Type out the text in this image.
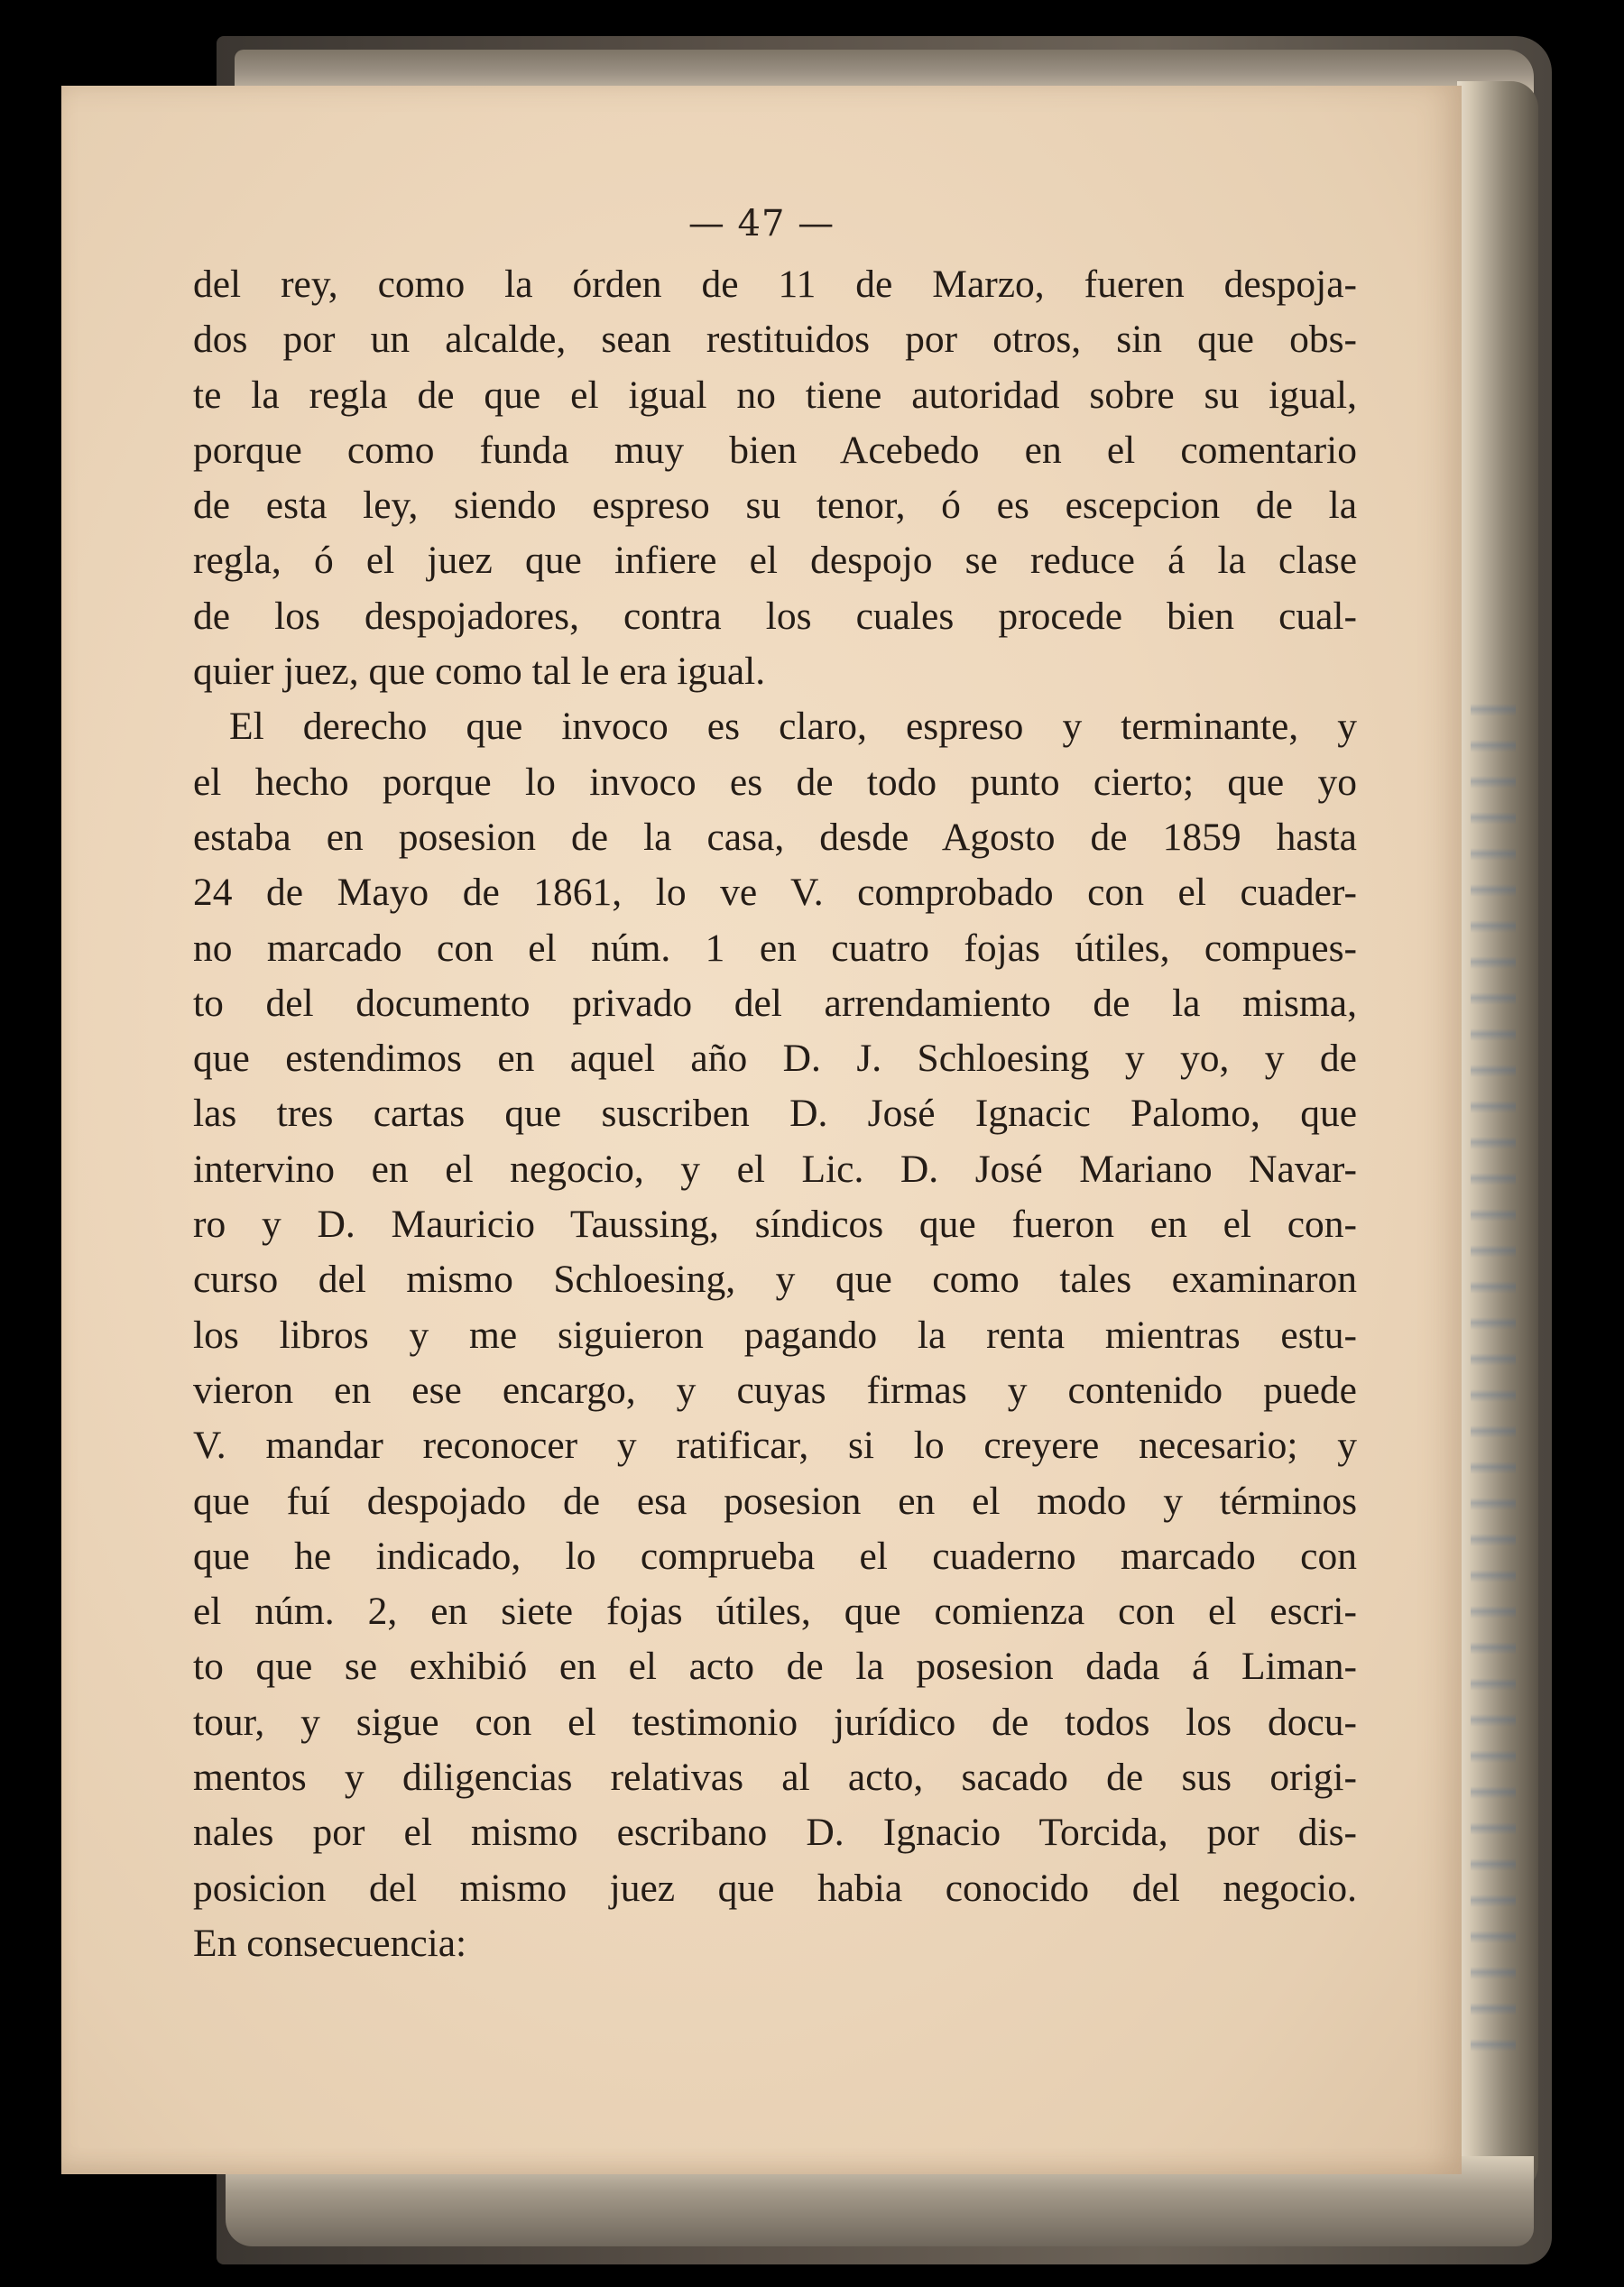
— 47 —
del rey, como la órden de 11 de Marzo, fueren despoja-
dos por un alcalde, sean restituidos por otros, sin que obs-
te la regla de que el igual no tiene autoridad sobre su igual,
porque como funda muy bien Acebedo en el comentario
de esta ley, siendo espreso su tenor, ó es escepcion de la
regla, ó el juez que infiere el despojo se reduce á la clase
de los despojadores, contra los cuales procede bien cual-
quier juez, que como tal le era igual.
El derecho que invoco es claro, espreso y terminante, y
el hecho porque lo invoco es de todo punto cierto; que yo
estaba en posesion de la casa, desde Agosto de 1859 hasta
24 de Mayo de 1861, lo ve V. comprobado con el cuader-
no marcado con el núm. 1 en cuatro fojas útiles, compues-
to del documento privado del arrendamiento de la misma,
que estendimos en aquel año D. J. Schloesing y yo, y de
las tres cartas que suscriben D. José Ignacic Palomo, que
intervino en el negocio, y el Lic. D. José Mariano Navar-
ro y D. Mauricio Taussing, síndicos que fueron en el con-
curso del mismo Schloesing, y que como tales examinaron
los libros y me siguieron pagando la renta mientras estu-
vieron en ese encargo, y cuyas firmas y contenido puede
V. mandar reconocer y ratificar, si lo creyere necesario; y
que fuí despojado de esa posesion en el modo y términos
que he indicado, lo comprueba el cuaderno marcado con
el núm. 2, en siete fojas útiles, que comienza con el escri-
to que se exhibió en el acto de la posesion dada á Liman-
tour, y sigue con el testimonio jurídico de todos los docu-
mentos y diligencias relativas al acto, sacado de sus origi-
nales por el mismo escribano D. Ignacio Torcida, por dis-
posicion del mismo juez que habia conocido del negocio.
En consecuencia:
